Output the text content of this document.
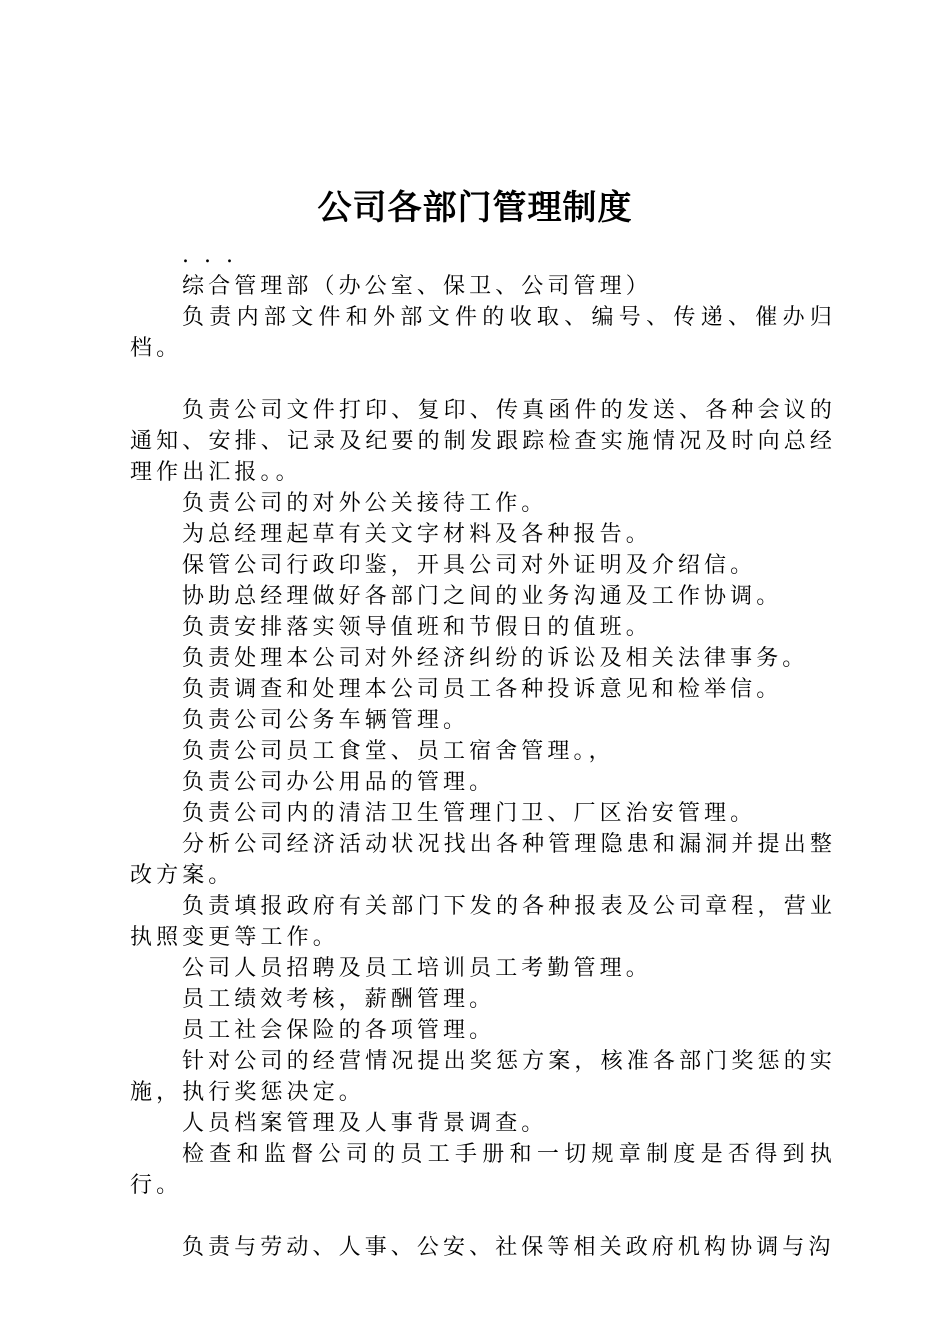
公司各部门管理制度

. . .

综合管理部（办公室、保卫、公司管理）

负责内部文件和外部文件的收取、编号、传递、催办归档。

负责公司文件打印、复印、传真函件的发送、各种会议的通知、安排、记录及纪要的制发跟踪检查实施情况及时向总经理作出汇报。。

负责公司的对外公关接待工作。

为总经理起草有关文字材料及各种报告。

保管公司行政印鉴，开具公司对外证明及介绍信。

协助总经理做好各部门之间的业务沟通及工作协调。

负责安排落实领导值班和节假日的值班。

负责处理本公司对外经济纠纷的诉讼及相关法律事务。

负责调查和处理本公司员工各种投诉意见和检举信。

负责公司公务车辆管理。

负责公司员工食堂、员工宿舍管理。，

负责公司办公用品的管理。

负责公司内的清洁卫生管理门卫、厂区治安管理。

分析公司经济活动状况找出各种管理隐患和漏洞并提出整改方案。

负责填报政府有关部门下发的各种报表及公司章程，营业执照变更等工作。

公司人员招聘及员工培训员工考勤管理。

员工绩效考核，薪酬管理。

员工社会保险的各项管理。

针对公司的经营情况提出奖惩方案，核准各部门奖惩的实施，执行奖惩决定。

人员档案管理及人事背景调查。

检查和监督公司的员工手册和一切规章制度是否得到执行。

负责与劳动、人事、公安、社保等相关政府机构协调与沟
